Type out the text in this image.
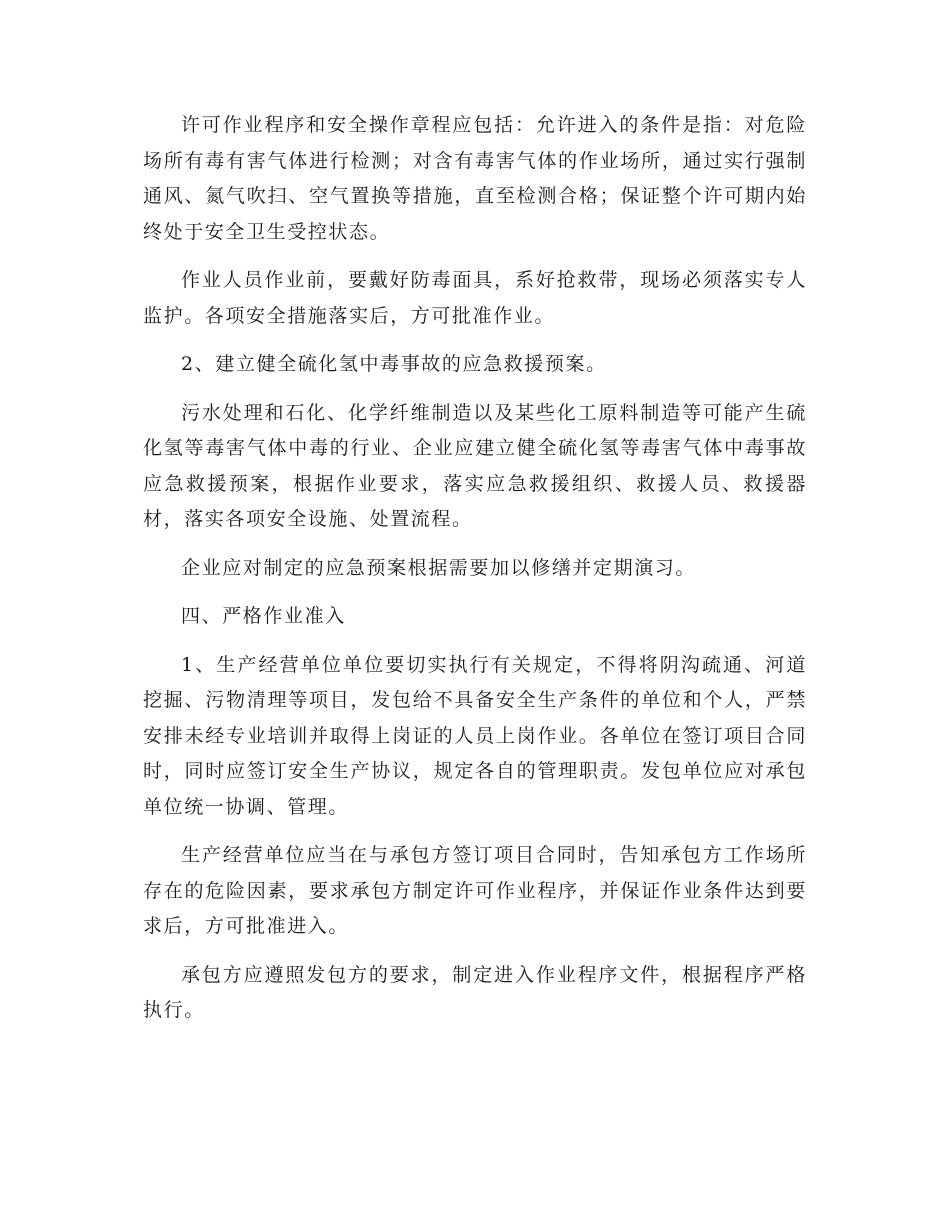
许可作业程序和安全操作章程应包括：允许进入的条件是指：对危险场所有毒有害气体进行检测；对含有毒害气体的作业场所，通过实行强制通风、氮气吹扫、空气置换等措施，直至检测合格；保证整个许可期内始终处于安全卫生受控状态。

作业人员作业前，要戴好防毒面具，系好抢救带，现场必须落实专人监护。各项安全措施落实后，方可批准作业。

2、建立健全硫化氢中毒事故的应急救援预案。

污水处理和石化、化学纤维制造以及某些化工原料制造等可能产生硫化氢等毒害气体中毒的行业、企业应建立健全硫化氢等毒害气体中毒事故应急救援预案，根据作业要求，落实应急救援组织、救援人员、救援器材，落实各项安全设施、处置流程。

企业应对制定的应急预案根据需要加以修缮并定期演习。

四、严格作业准入

1、生产经营单位单位要切实执行有关规定，不得将阴沟疏通、河道挖掘、污物清理等项目，发包给不具备安全生产条件的单位和个人，严禁安排未经专业培训并取得上岗证的人员上岗作业。各单位在签订项目合同时，同时应签订安全生产协议，规定各自的管理职责。发包单位应对承包单位统一协调、管理。

生产经营单位应当在与承包方签订项目合同时，告知承包方工作场所存在的危险因素，要求承包方制定许可作业程序，并保证作业条件达到要求后，方可批准进入。

承包方应遵照发包方的要求，制定进入作业程序文件，根据程序严格执行。
